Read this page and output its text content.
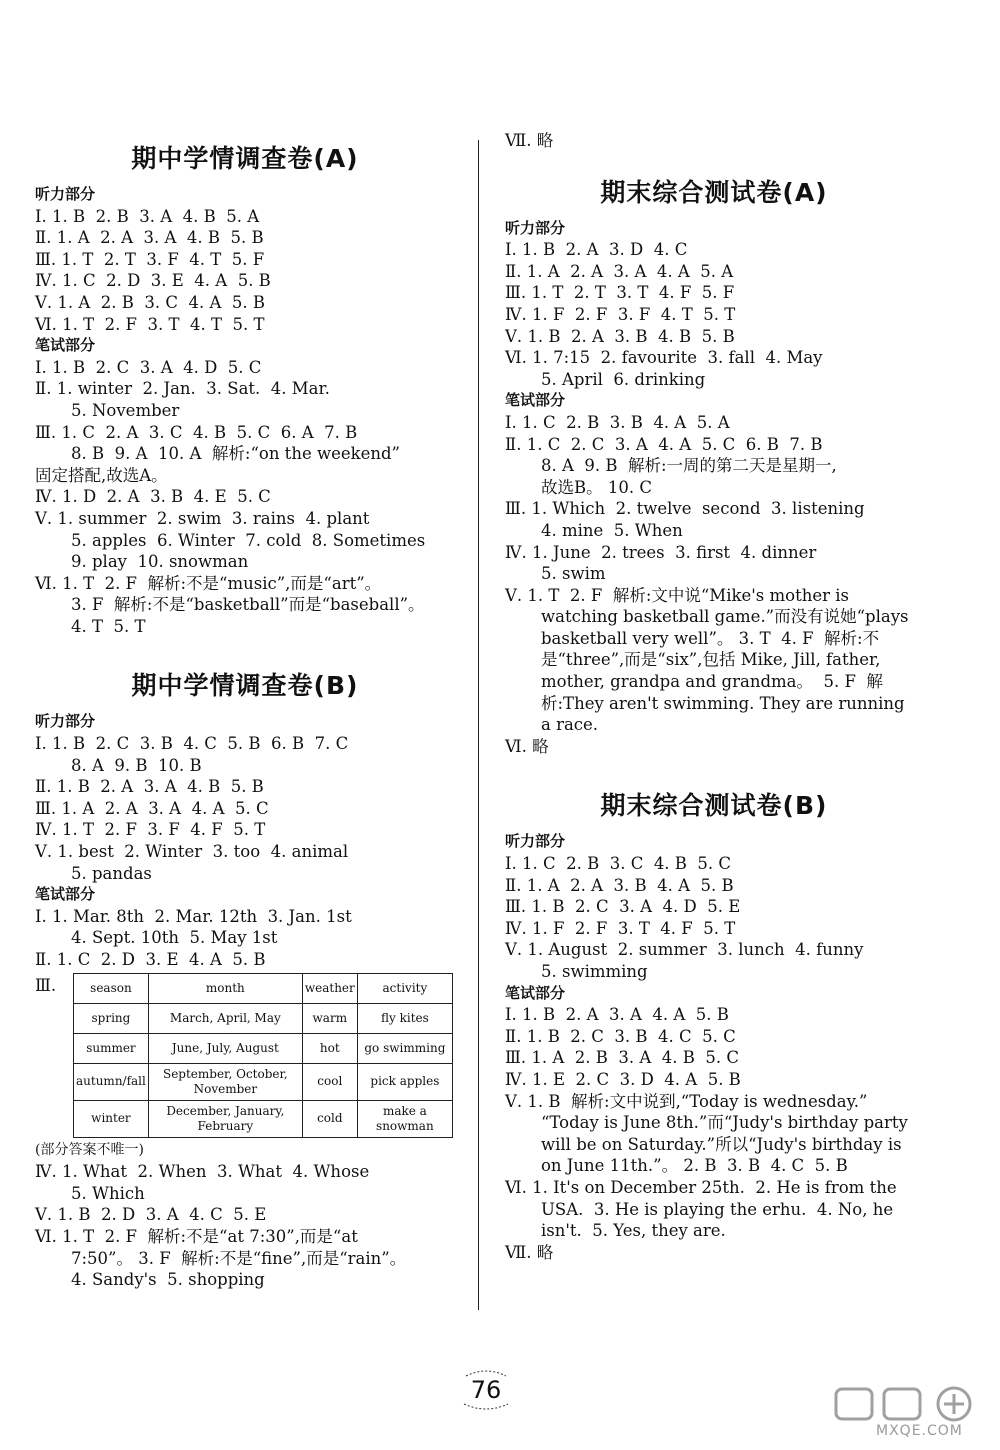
期中学情调查卷(A)
听力部分
Ⅰ. 1. B  2. B  3. A  4. B  5. A
Ⅱ. 1. A  2. A  3. A  4. B  5. B
Ⅲ. 1. T  2. T  3. F  4. T  5. F
Ⅳ. 1. C  2. D  3. E  4. A  5. B
Ⅴ. 1. A  2. B  3. C  4. A  5. B
Ⅵ. 1. T  2. F  3. T  4. T  5. T
笔试部分
Ⅰ. 1. B  2. C  3. A  4. D  5. C
Ⅱ. 1. winter  2. Jan.  3. Sat.  4. Mar.
5. November
Ⅲ. 1. C  2. A  3. C  4. B  5. C  6. A  7. B
8. B  9. A  10. A  解析:“on the weekend”
固定搭配,故选A。
Ⅳ. 1. D  2. A  3. B  4. E  5. C
Ⅴ. 1. summer  2. swim  3. rains  4. plant
5. apples  6. Winter  7. cold  8. Sometimes
9. play  10. snowman
Ⅵ. 1. T  2. F  解析:不是“music”,而是“art”。
3. F  解析:不是“basketball”而是“baseball”。
4. T  5. T
期中学情调查卷(B)
听力部分
Ⅰ. 1. B  2. C  3. B  4. C  5. B  6. B  7. C
8. A  9. B  10. B
Ⅱ. 1. B  2. A  3. A  4. B  5. B
Ⅲ. 1. A  2. A  3. A  4. A  5. C
Ⅳ. 1. T  2. F  3. F  4. F  5. T
Ⅴ. 1. best  2. Winter  3. too  4. animal
5. pandas
笔试部分
Ⅰ. 1. Mar. 8th  2. Mar. 12th  3. Jan. 1st
4. Sept. 10th  5. May 1st
Ⅱ. 1. C  2. D  3. E  4. A  5. B
Ⅲ.	season	month	weather	activity
spring	March, April, May	warm	fly kites
summer	June, July, August	hot	go swimming
autumn/fall	September, October, November	cool	pick apples
winter	December, January, February	cold	make a snowman
(部分答案不唯一)
Ⅳ. 1. What  2. When  3. What  4. Whose
5. Which
Ⅴ. 1. B  2. D  3. A  4. C  5. E
Ⅵ. 1. T  2. F  解析:不是“at 7:30”,而是“at
7:50”。 3. F  解析:不是“fine”,而是“rain”。
4. Sandy's  5. shopping
Ⅶ. 略
期末综合测试卷(A)
听力部分
Ⅰ. 1. B  2. A  3. D  4. C
Ⅱ. 1. A  2. A  3. A  4. A  5. A
Ⅲ. 1. T  2. T  3. T  4. F  5. F
Ⅳ. 1. F  2. F  3. F  4. T  5. T
Ⅴ. 1. B  2. A  3. B  4. B  5. B
Ⅵ. 1. 7:15  2. favourite  3. fall  4. May
5. April  6. drinking
笔试部分
Ⅰ. 1. C  2. B  3. B  4. A  5. A
Ⅱ. 1. C  2. C  3. A  4. A  5. C  6. B  7. B
8. A  9. B  解析:一周的第二天是星期一,
故选B。 10. C
Ⅲ. 1. Which  2. twelve  second  3. listening
4. mine  5. When
Ⅳ. 1. June  2. trees  3. first  4. dinner
5. swim
Ⅴ. 1. T  2. F  解析:文中说“Mike's mother is
watching basketball game.”而没有说她“plays
basketball very well”。 3. T  4. F  解析:不
是“three”,而是“six”,包括 Mike, Jill, father,
mother, grandpa and grandma。  5. F  解
析:They aren't swimming. They are running
a race.
Ⅵ. 略
期末综合测试卷(B)
听力部分
Ⅰ. 1. C  2. B  3. C  4. B  5. C
Ⅱ. 1. A  2. A  3. B  4. A  5. B
Ⅲ. 1. B  2. C  3. A  4. D  5. E
Ⅳ. 1. F  2. F  3. T  4. F  5. T
Ⅴ. 1. August  2. summer  3. lunch  4. funny
5. swimming
笔试部分
Ⅰ. 1. B  2. A  3. A  4. A  5. B
Ⅱ. 1. B  2. C  3. B  4. C  5. C
Ⅲ. 1. A  2. B  3. A  4. B  5. C
Ⅳ. 1. E  2. C  3. D  4. A  5. B
Ⅴ. 1. B  解析:文中说到,“Today is wednesday.”
“Today is June 8th.”而“Judy's birthday party
will be on Saturday.”所以“Judy's birthday is
on June 11th.”。 2. B  3. B  4. C  5. B
Ⅵ. 1. It's on December 25th.  2. He is from the
USA.  3. He is playing the erhu.  4. No, he
isn't.  5. Yes, they are.
Ⅶ. 略
76
MXQE.COM
